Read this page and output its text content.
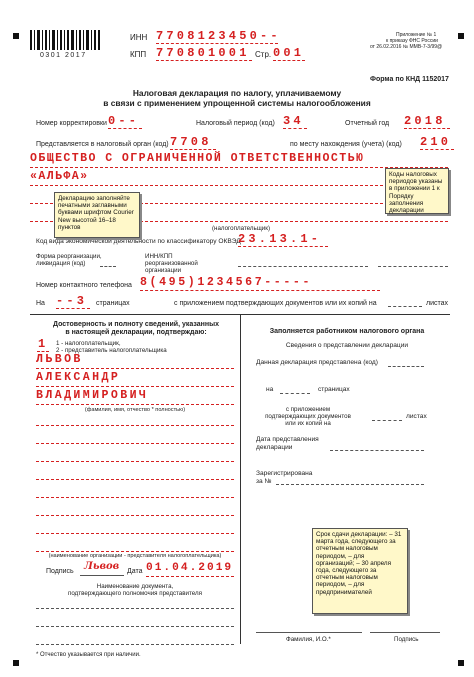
0301 2017
ИНН 7708123450--
КПП 770801001 Стр. 001
Приложение № 1
к приказу ФНС России
от 26.02.2016 № ММВ-7-3/99@
Форма по КНД 1152017
Налоговая декларация по налогу, уплачиваемому
в связи с применением упрощенной системы налогообложения
Номер корректировки 0--	Налоговый период (код) 34	Отчетный год 2018
Представляется в налоговый орган (код) 7708	по месту нахождения (учета) (код) 210
ОБЩЕСТВО С ОГРАНИЧЕННОЙ ОТВЕТСТВЕННОСТЬЮ
«АЛЬФА»
(налогоплательщик)
Код вида экономической деятельности по классификатору ОКВЭД
23.13.1-
Форма реорганизации, ликвидация (код)
ИНН/КПП реорганизованной организации
Номер контактного телефона 8(495)1234567-----
На --3 страницах	с приложением подтверждающих документов или их копий на	листах
Достоверность и полноту сведений, указанных
в настоящей декларации, подтверждаю:
1 1 - налогоплательщик,
2 - представитель налогоплательщика
ЛЬВОВ
АЛЕКСАНДР
ВЛАДИМИРОВИЧ
(фамилия, имя, отчество * полностью)
(наименование организации - представителя налогоплательщика)
Подпись Львов Дата 01.04.2019
Наименование документа,
подтверждающего полномочия представителя
* Отчество указывается при наличии.
Заполняется работником налогового органа
Сведения о представлении декларации
Данная декларация представлена (код)
на	страницах
с приложением
подтверждающих документов
или их копий на
листах
Дата представления
декларации
Зарегистрирована
за №
Фамилия, И.О.*	Подпись
Коды налоговых периодов указаны в приложении 1 к Порядку заполнения декларации
Декларацию заполняйте печатными заглавными буквами шрифтом Courier New высотой 16–18 пунктов
Срок сдачи декларации: – 31 марта года, следующего за отчетным налоговым периодом, – для организаций; – 30 апреля года, следующего за отчетным налоговым периодом, – для предпринимателей
